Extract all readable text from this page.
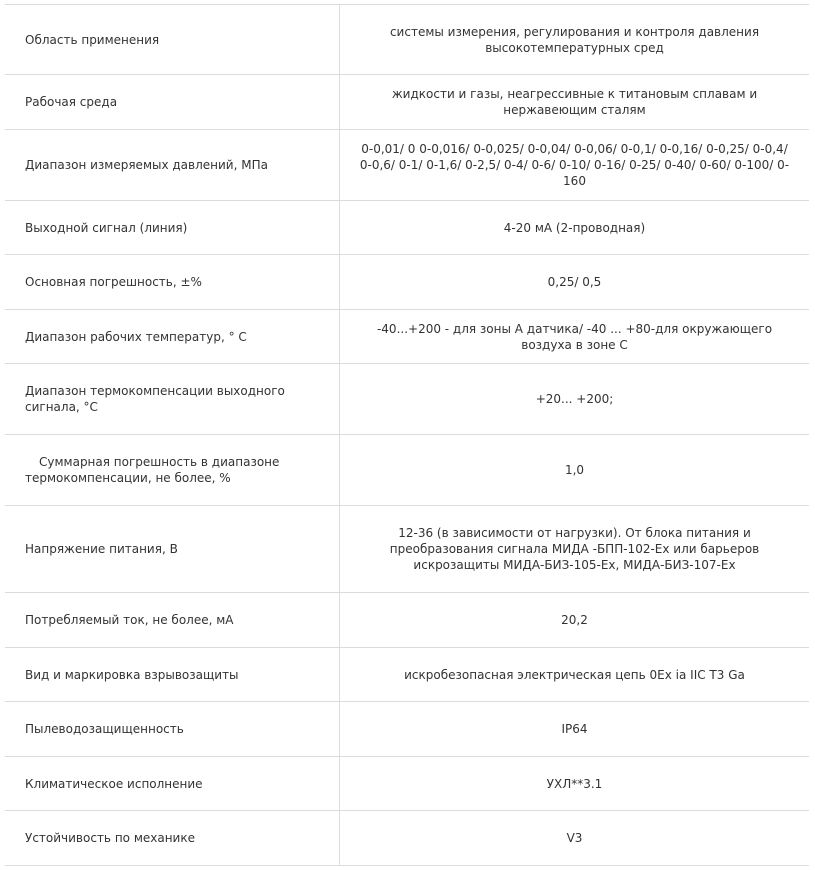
Область применения	системы измерения, регулирования и контроля давления высокотемпературных сред
Рабочая среда	жидкости и газы, неагрессивные к титановым сплавам и нержавеющим сталям
Диапазон измеряемых давлений, МПа	0-0,01/ 0 0-0,016/ 0-0,025/ 0-0,04/ 0-0,06/ 0-0,1/ 0-0,16/ 0-0,25/ 0-0,4/ 0-0,6/ 0-1/ 0-1,6/ 0-2,5/ 0-4/ 0-6/ 0-10/ 0-16/ 0-25/ 0-40/ 0-60/ 0-100/ 0-160
Выходной сигнал (линия)	4-20 мА (2-проводная)
Основная погрешность, ±%	0,25/ 0,5
Диапазон рабочих температур, ° С	-40...+200 - для зоны А датчика/ -40 ... +80-для окружающего воздуха в зоне С
Диапазон термокомпенсации выходного сигнала, °С	+20... +200;
Суммарная погрешность в диапазоне термокомпенсации, не более, %	1,0
Напряжение питания, В	12-36 (в зависимости от нагрузки). От блока питания и преобразования сигнала МИДА -БПП-102-Ех или барьеров искрозащиты МИДА-БИЗ-105-Ех, МИДА-БИЗ-107-Ех
Потребляемый ток, не более, мА	20,2
Вид и маркировка взрывозащиты	искробезопасная электрическая цепь 0Ex ia IIC T3 Ga
Пылеводозащищенность	IP64
Климатическое исполнение	УХЛ**3.1
Устойчивость по механике	V3
